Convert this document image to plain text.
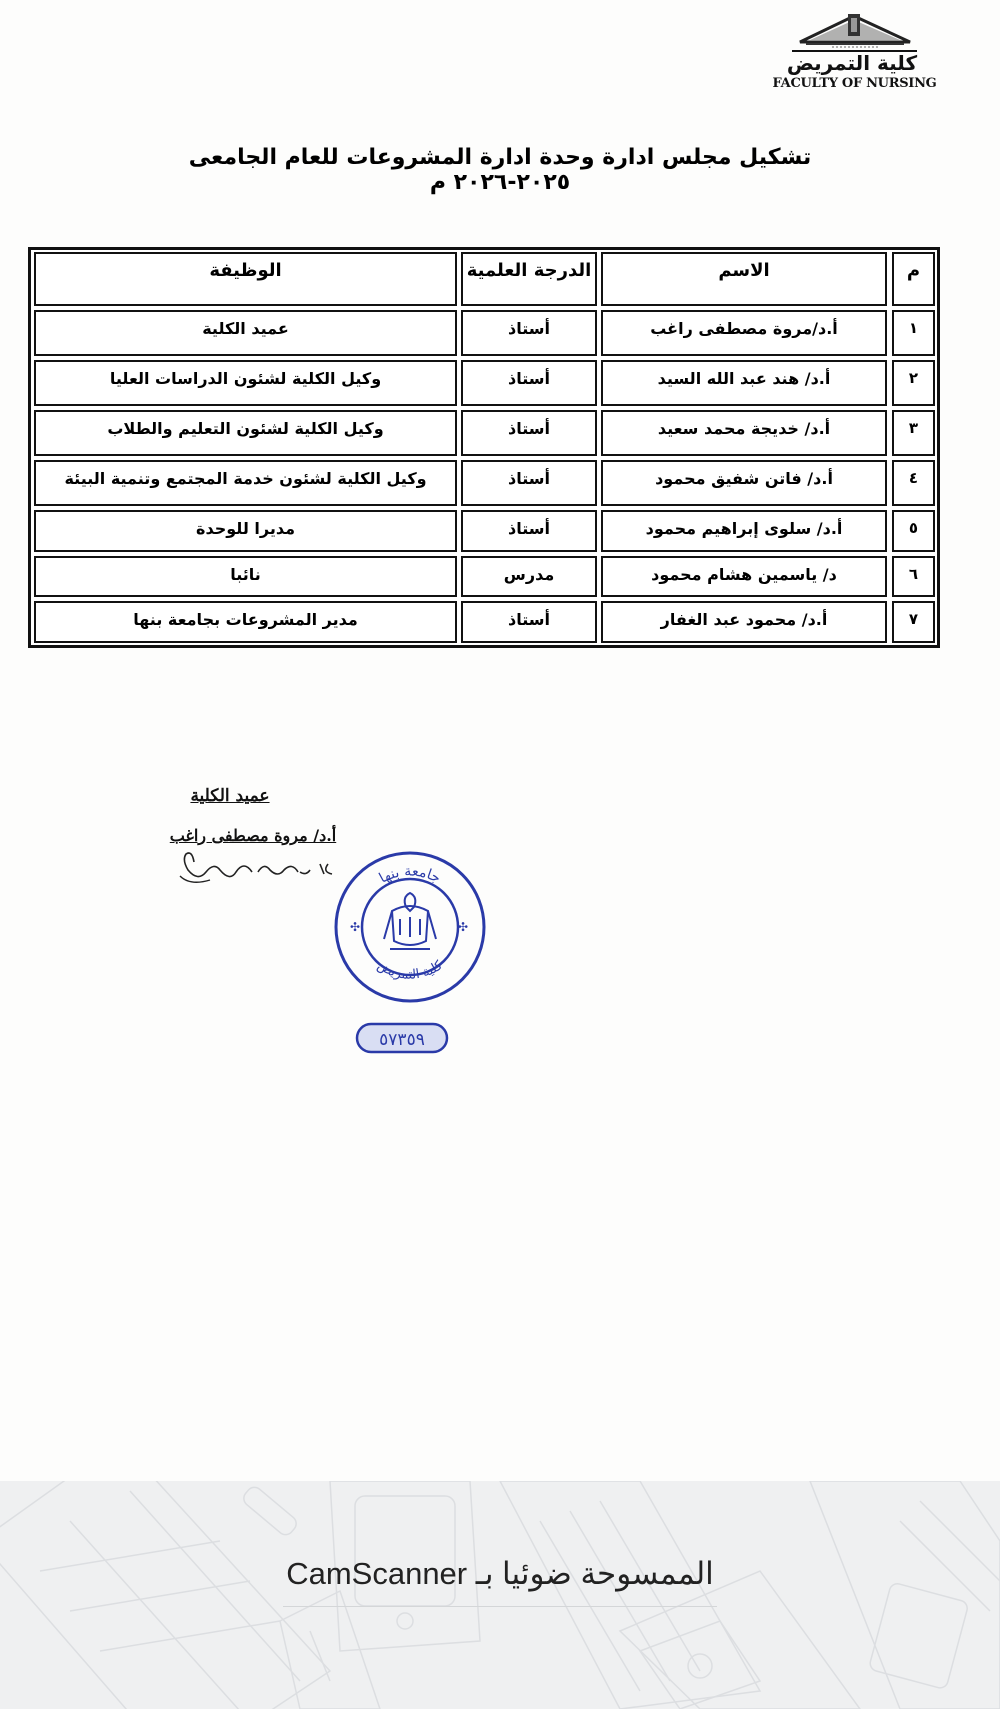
كلية التمريض
FACULTY OF NURSING
تشكيل مجلس ادارة وحدة ادارة المشروعات للعام الجامعى ٢٠٢٥-٢٠٢٦ م
م
الاسم
الدرجة العلمية
الوظيفة
١
أ.د/مروة مصطفى راغب
أستاذ
عميد الكلية
٢
أ.د/ هند عبد الله السيد
أستاذ
وكيل الكلية لشئون الدراسات العليا
٣
أ.د/ خديجة محمد سعيد
أستاذ
وكيل الكلية لشئون التعليم والطلاب
٤
أ.د/ فاتن شفيق محمود
أستاذ
وكيل الكلية لشئون خدمة المجتمع وتنمية البيئة
٥
أ.د/ سلوى إبراهيم محمود
أستاذ
مديرا للوحدة
٦
د/ ياسمين هشام محمود
مدرس
نائبا
٧
أ.د/ محمود عبد الغفار
أستاذ
مدير المشروعات بجامعة بنها
عميد الكلية
أ.د/ مروة مصطفى راغب
جامعة بنها
كلية التمريض
✣	✣
٥٧٣٥٩
الممسوحة ضوئيا بـ CamScanner
